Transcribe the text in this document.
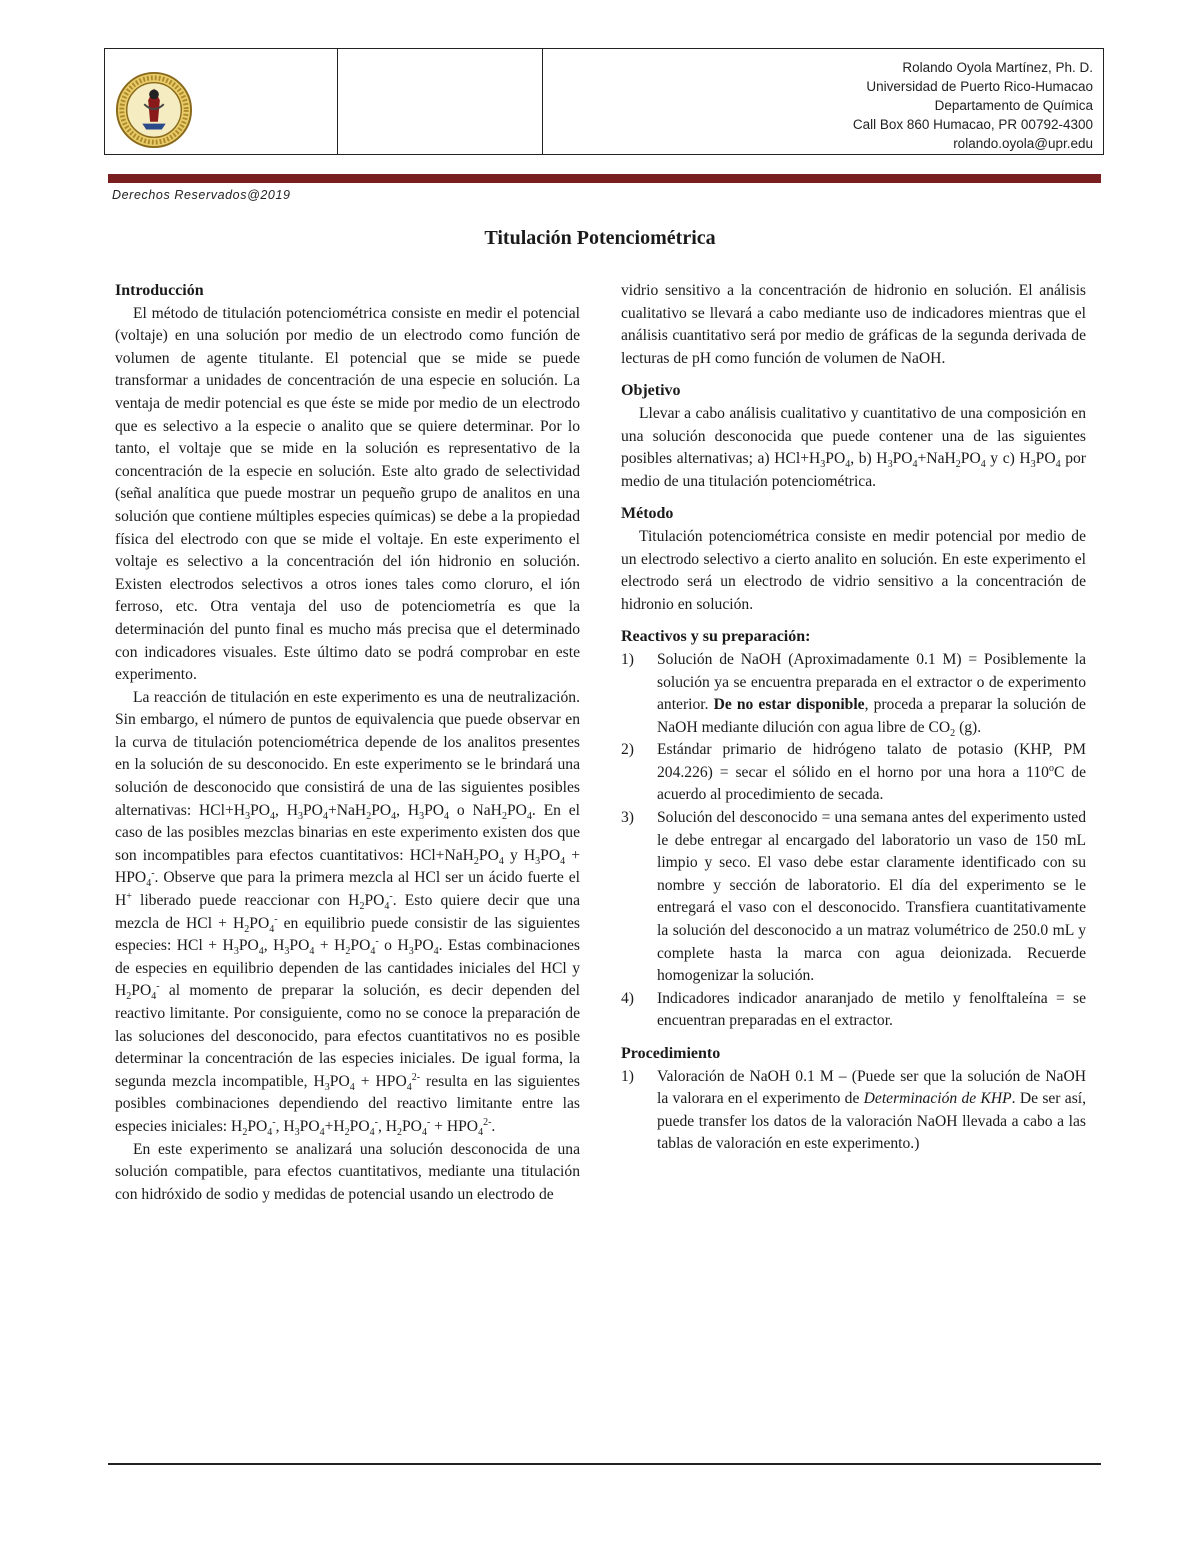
Rolando Oyola Martínez, Ph. D.
Universidad de Puerto Rico-Humacao
Departamento de Química
Call Box 860 Humacao, PR 00792-4300
rolando.oyola@upr.edu
Derechos Reservados@2019
Titulación Potenciométrica
Introducción

El método de titulación potenciométrica consiste en medir el potencial (voltaje) en una solución por medio de un electrodo como función de volumen de agente titulante. El potencial que se mide se puede transformar a unidades de concentración de una especie en solución. La ventaja de medir potencial es que éste se mide por medio de un electrodo que es selectivo a la especie o analito que se quiere determinar. Por lo tanto, el voltaje que se mide en la solución es representativo de la concentración de la especie en solución. Este alto grado de selectividad (señal analítica que puede mostrar un pequeño grupo de analitos en una solución que contiene múltiples especies químicas) se debe a la propiedad física del electrodo con que se mide el voltaje. En este experimento el voltaje es selectivo a la concentración del ión hidronio en solución. Existen electrodos selectivos a otros iones tales como cloruro, el ión ferroso, etc. Otra ventaja del uso de potenciometría es que la determinación del punto final es mucho más precisa que el determinado con indicadores visuales. Este último dato se podrá comprobar en este experimento.

La reacción de titulación en este experimento es una de neutralización. Sin embargo, el número de puntos de equivalencia que puede observar en la curva de titulación potenciométrica depende de los analitos presentes en la solución de su desconocido. En este experimento se le brindará una solución de desconocido que consistirá de una de las siguientes posibles alternativas: $HCl+H_3PO_4$, $H_3PO_4+NaH_2PO_4$, $H_3PO_4$ o $NaH_2PO_4$. En el caso de las posibles mezclas binarias en este experimento existen dos que son incompatibles para efectos cuantitativos: $HCl+NaH_2PO_4$ y $H_3PO_4 + HPO_4^-$. Observe que para la primera mezcla al HCl ser un ácido fuerte el H+ liberado puede reaccionar con $H_2PO_4^-$. Esto quiere decir que una mezcla de HCl + $H_2PO_4^-$ en equilibrio puede consistir de las siguientes especies: HCl + $H_3PO_4$, $H_3PO_4 + H_2PO_4^-$ o $H_3PO_4$. Estas combinaciones de especies en equilibrio dependen de las cantidades iniciales del HCl y $H_2PO_4^-$ al momento de preparar la solución, es decir dependen del reactivo limitante. Por consiguiente, como no se conoce la preparación de las soluciones del desconocido, para efectos cuantitativos no es posible determinar la concentración de las especies iniciales. De igual forma, la segunda mezcla incompatible, $H_3PO_4 + HPO_4^{2-}$ resulta en las siguientes posibles combinaciones dependiendo del reactivo limitante entre las especies iniciales: $H_2PO_4^-$, $H_3PO_4+H_2PO_4^-$, $H_2PO_4^- + HPO_4^{2-}$.

En este experimento se analizará una solución desconocida de una solución compatible, para efectos cuantitativos, mediante una titulación con hidróxido de sodio y medidas de potencial usando un electrodo de

vidrio sensitivo a la concentración de hidronio en solución. El análisis cualitativo se llevará a cabo mediante uso de indicadores mientras que el análisis cuantitativo será por medio de gráficas de la segunda derivada de lecturas de pH como función de volumen de NaOH.

Objetivo

Llevar a cabo análisis cualitativo y cuantitativo de una composición en una solución desconocida que puede contener una de las siguientes posibles alternativas; a) $HCl+H_3PO_4$, b) $H_3PO_4+NaH_2PO_4$ y c) $H_3PO_4$ por medio de una titulación potenciométrica.

Método

Titulación potenciométrica consiste en medir potencial por medio de un electrodo selectivo a cierto analito en solución. En este experimento el electrodo será un electrodo de vidrio sensitivo a la concentración de hidronio en solución.

Reactivos y su preparación:
1) Solución de NaOH (Aproximadamente 0.1 M) = Posiblemente la solución ya se encuentra preparada en el extractor o de experimento anterior. De no estar disponible, proceda a preparar la solución de NaOH mediante dilución con agua libre de $CO_2$ (g).
2) Estándar primario de hidrógeno talato de potasio (KHP, PM 204.226) = secar el sólido en el horno por una hora a 110$^o$C de acuerdo al procedimiento de secada.
3) Solución del desconocido = una semana antes del experimento usted le debe entregar al encargado del laboratorio un vaso de 150 mL limpio y seco. El vaso debe estar claramente identificado con su nombre y sección de laboratorio. El día del experimento se le entregará el vaso con el desconocido. Transfiera cuantitativamente la solución del desconocido a un matraz volumétrico de 250.0 mL y complete hasta la marca con agua deionizada. Recuerde homogenizar la solución.
4) Indicadores indicador anaranjado de metilo y fenolftaleína = se encuentran preparadas en el extractor.
Procedimiento
1) Valoración de NaOH 0.1 M – (Puede ser que la solución de NaOH la valorara en el experimento de Determinación de KHP. De ser así, puede transfer los datos de la valoración NaOH llevada a cabo a las tablas de valoración en este experimento.)
